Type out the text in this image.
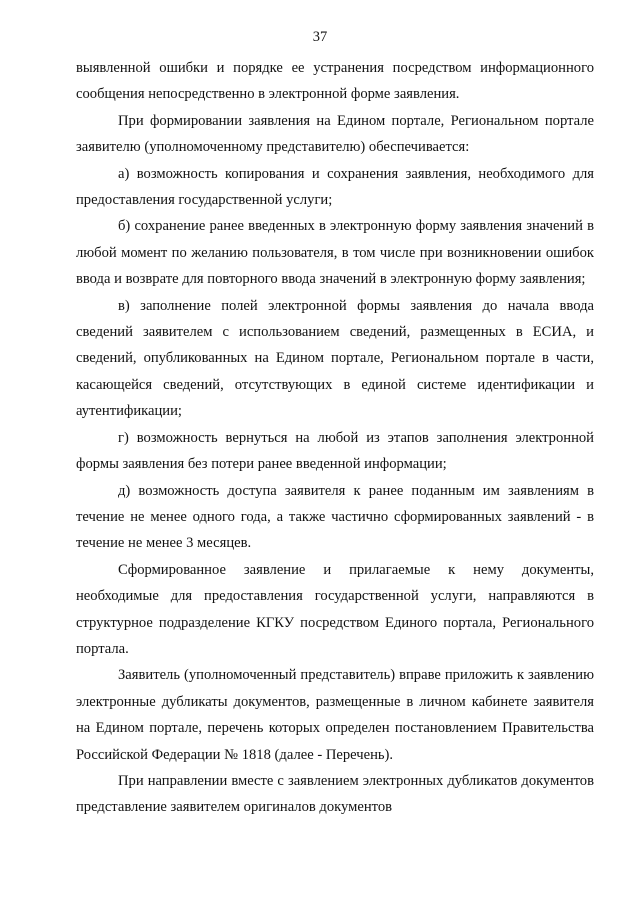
37

выявленной ошибки и порядке ее устранения посредством информационного сообщения непосредственно в электронной форме заявления.

При формировании заявления на Едином портале, Региональном портале заявителю (уполномоченному представителю) обеспечивается:

а) возможность копирования и сохранения заявления, необходимого для предоставления государственной услуги;

б) сохранение ранее введенных в электронную форму заявления значений в любой момент по желанию пользователя, в том числе при возникновении ошибок ввода и возврате для повторного ввода значений в электронную форму заявления;

в) заполнение полей электронной формы заявления до начала ввода сведений заявителем с использованием сведений, размещенных в ЕСИА, и сведений, опубликованных на Едином портале, Региональном портале в части, касающейся сведений, отсутствующих в единой системе идентификации и аутентификации;

г) возможность вернуться на любой из этапов заполнения электронной формы заявления без потери ранее введенной информации;

д) возможность доступа заявителя к ранее поданным им заявлениям в течение не менее одного года, а также частично сформированных заявлений - в течение не менее 3 месяцев.

Сформированное заявление и прилагаемые к нему документы, необходимые для предоставления государственной услуги, направляются в структурное подразделение КГКУ посредством Единого портала, Регионального портала.

Заявитель (уполномоченный представитель) вправе приложить к заявлению электронные дубликаты документов, размещенные в личном кабинете заявителя на Едином портале, перечень которых определен постановлением Правительства Российской Федерации № 1818 (далее - Перечень).

При направлении вместе с заявлением электронных дубликатов документов представление заявителем оригиналов документов
